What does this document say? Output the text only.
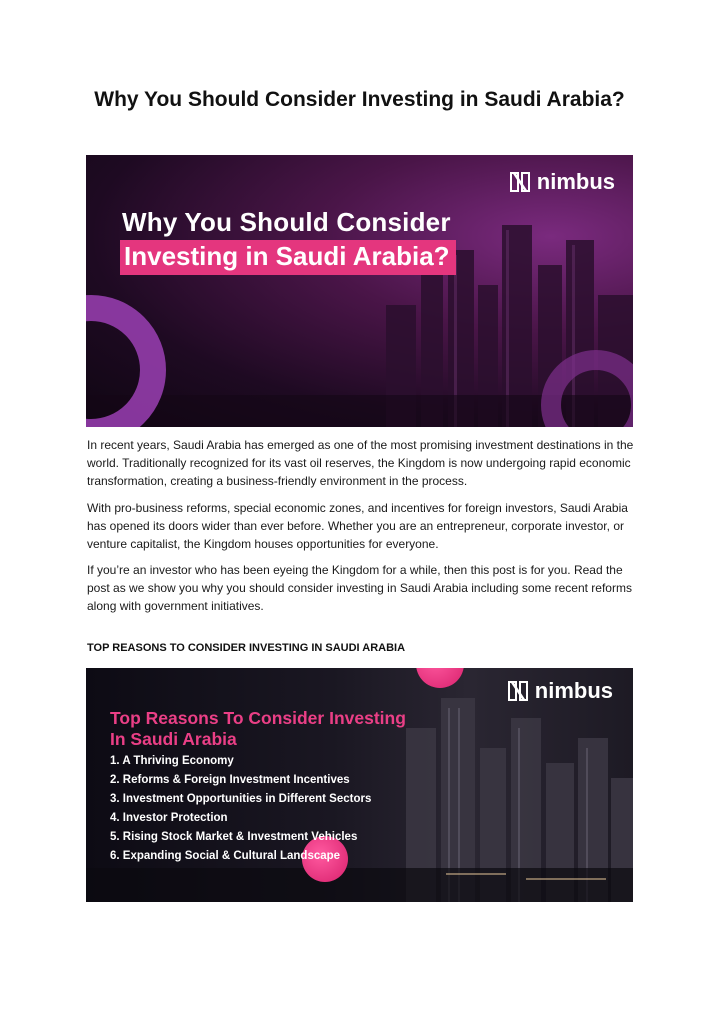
Why You Should Consider Investing in Saudi Arabia?
nimbus
Why You Should Consider
Investing in Saudi Arabia?

In recent years, Saudi Arabia has emerged as one of the most promising investment destinations in the world. Traditionally recognized for its vast oil reserves, the Kingdom is now undergoing rapid economic transformation, creating a business-friendly environment in the process.

With pro-business reforms, special economic zones, and incentives for foreign investors, Saudi Arabia has opened its doors wider than ever before. Whether you are an entrepreneur, corporate investor, or venture capitalist, the Kingdom houses opportunities for everyone.

If you’re an investor who has been eyeing the Kingdom for a while, then this post is for you. Read the post as we show you why you should consider investing in Saudi Arabia including some recent reforms along with government initiatives.

TOP REASONS TO CONSIDER INVESTING IN SAUDI ARABIA
nimbus
Top Reasons To Consider Investing
In Saudi Arabia
1. A Thriving Economy
2. Reforms & Foreign Investment Incentives
3. Investment Opportunities in Different Sectors
4. Investor Protection
5. Rising Stock Market & Investment Vehicles
6. Expanding Social & Cultural Landscape
